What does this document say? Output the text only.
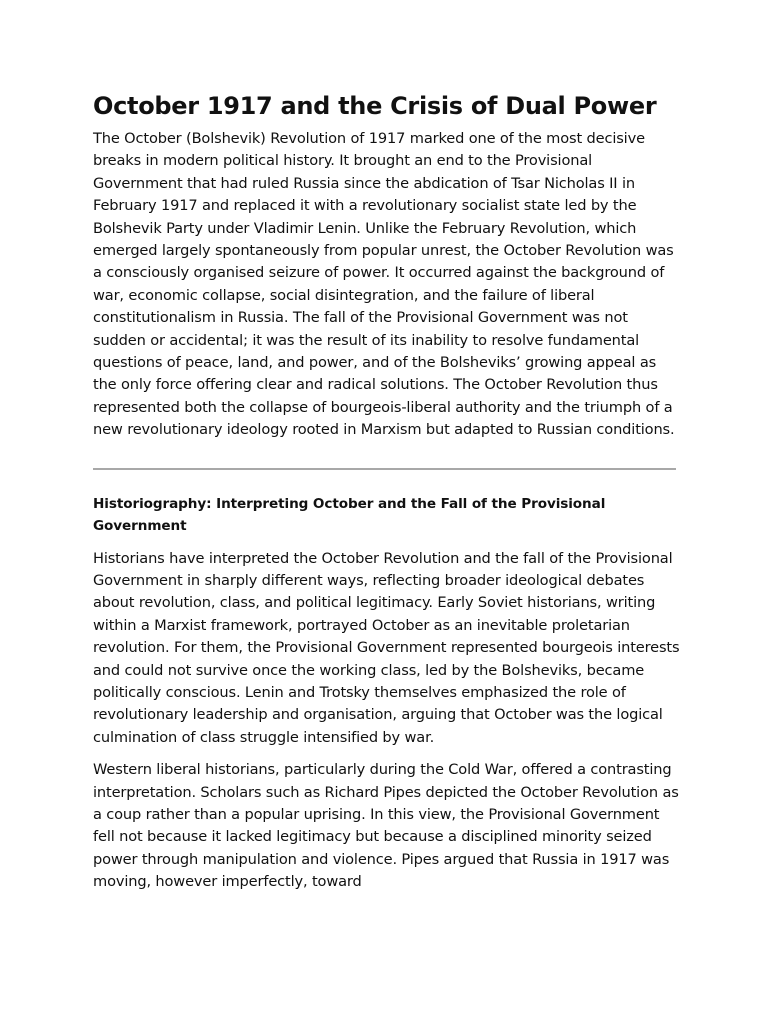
October 1917 and the Crisis of Dual Power

The October (Bolshevik) Revolution of 1917 marked one of the most decisive breaks in modern political history. It brought an end to the Provisional Government that had ruled Russia since the abdication of Tsar Nicholas II in February 1917 and replaced it with a revolutionary socialist state led by the Bolshevik Party under Vladimir Lenin. Unlike the February Revolution, which emerged largely spontaneously from popular unrest, the October Revolution was a consciously organised seizure of power. It occurred against the background of war, economic collapse, social disintegration, and the failure of liberal constitutionalism in Russia. The fall of the Provisional Government was not sudden or accidental; it was the result of its inability to resolve fundamental questions of peace, land, and power, and of the Bolsheviks’ growing appeal as the only force offering clear and radical solutions. The October Revolution thus represented both the collapse of bourgeois-liberal authority and the triumph of a new revolutionary ideology rooted in Marxism but adapted to Russian conditions.

Historiography: Interpreting October and the Fall of the Provisional Government

Historians have interpreted the October Revolution and the fall of the Provisional Government in sharply different ways, reflecting broader ideological debates about revolution, class, and political legitimacy. Early Soviet historians, writing within a Marxist framework, portrayed October as an inevitable proletarian revolution. For them, the Provisional Government represented bourgeois interests and could not survive once the working class, led by the Bolsheviks, became politically conscious. Lenin and Trotsky themselves emphasized the role of revolutionary leadership and organisation, arguing that October was the logical culmination of class struggle intensified by war.

Western liberal historians, particularly during the Cold War, offered a contrasting interpretation. Scholars such as Richard Pipes depicted the October Revolution as a coup rather than a popular uprising. In this view, the Provisional Government fell not because it lacked legitimacy but because a disciplined minority seized power through manipulation and violence. Pipes argued that Russia in 1917 was moving, however imperfectly, toward
